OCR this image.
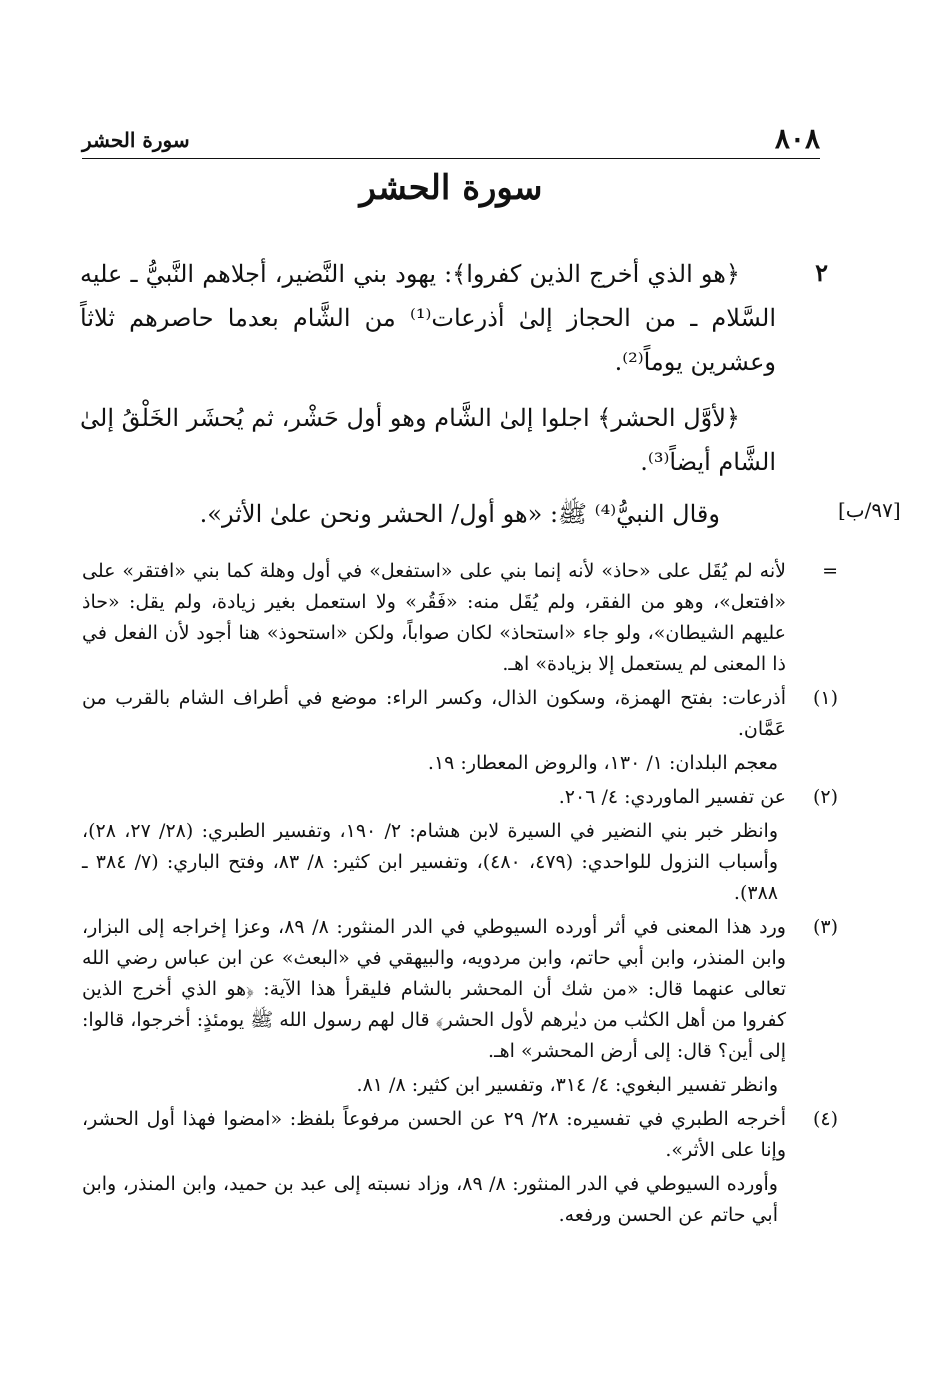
٨٠٨
سورة الحشر
سورة الحشر
٢
﴿هو الذي أخرج الذين كفروا﴾: يهود بني النَّضير، أجلاهم النَّبيُّ ـ عليه السَّلام ـ من الحجاز إلىٰ أذرعات⁽¹⁾ من الشَّام بعدما حاصرهم ثلاثاً وعشرين يوماً⁽²⁾.
﴿لأوَّل الحشر﴾ اجلوا إلىٰ الشَّام وهو أول حَشْر، ثم يُحشَر الخَلْقُ إلىٰ الشَّام أيضاً⁽³⁾.
وقال النبيُّ⁽⁴⁾ ﷺ: «هو أول/ الحشر ونحن علىٰ الأثر».	[٩٧/ب]
=
لأنه لم يُقَل على «حاذ» لأنه إنما بني على «استفعل» في أول وهلة كما بني «افتقر» على «افتعل»، وهو من الفقر، ولم يُقَل منه: «فَقُر» ولا استعمل بغير زيادة، ولم يقل: «حاذ عليهم الشيطان»، ولو جاء «استحاذ» لكان صواباً، ولكن «استحوذ» هنا أجود لأن الفعل في ذا المعنى لم يستعمل إلا بزيادة» اهـ.
(١)
أذرعات: بفتح الهمزة، وسكون الذال، وكسر الراء: موضع في أطراف الشام بالقرب من عَمَّان.
معجم البلدان: ١/ ١٣٠، والروض المعطار: ١٩.
(٢)
عن تفسير الماوردي: ٤/ ٢٠٦.
وانظر خبر بني النضير في السيرة لابن هشام: ٢/ ١٩٠، وتفسير الطبري: (٢٨/ ٢٧، ٢٨)، وأسباب النزول للواحدي: (٤٧٩، ٤٨٠)، وتفسير ابن كثير: ٨/ ٨٣، وفتح الباري: (٧/ ٣٨٤ ـ ٣٨٨).
(٣)
ورد هذا المعنى في أثر أورده السيوطي في الدر المنثور: ٨/ ٨٩، وعزا إخراجه إلى البزار، وابن المنذر، وابن أبي حاتم، وابن مردويه، والبيهقي في «البعث» عن ابن عباس رضي الله تعالى عنهما قال: «من شك أن المحشر بالشام فليقرأ هذا الآية: ﴿هو الذي أخرج الذين كفروا من أهل الكتٰب من ديٰرهم لأول الحشر﴾ قال لهم رسول الله ﷺ يومئذٍ: أخرجوا، قالوا: إلى أين؟ قال: إلى أرض المحشر» اهـ.
وانظر تفسير البغوي: ٤/ ٣١٤، وتفسير ابن كثير: ٨/ ٨١.
(٤)
أخرجه الطبري في تفسيره: ٢٨/ ٢٩ عن الحسن مرفوعاً بلفظ: «امضوا فهذا أول الحشر، وإنا على الأثر».
وأورده السيوطي في الدر المنثور: ٨/ ٨٩، وزاد نسبته إلى عبد بن حميد، وابن المنذر، وابن أبي حاتم عن الحسن ورفعه.
